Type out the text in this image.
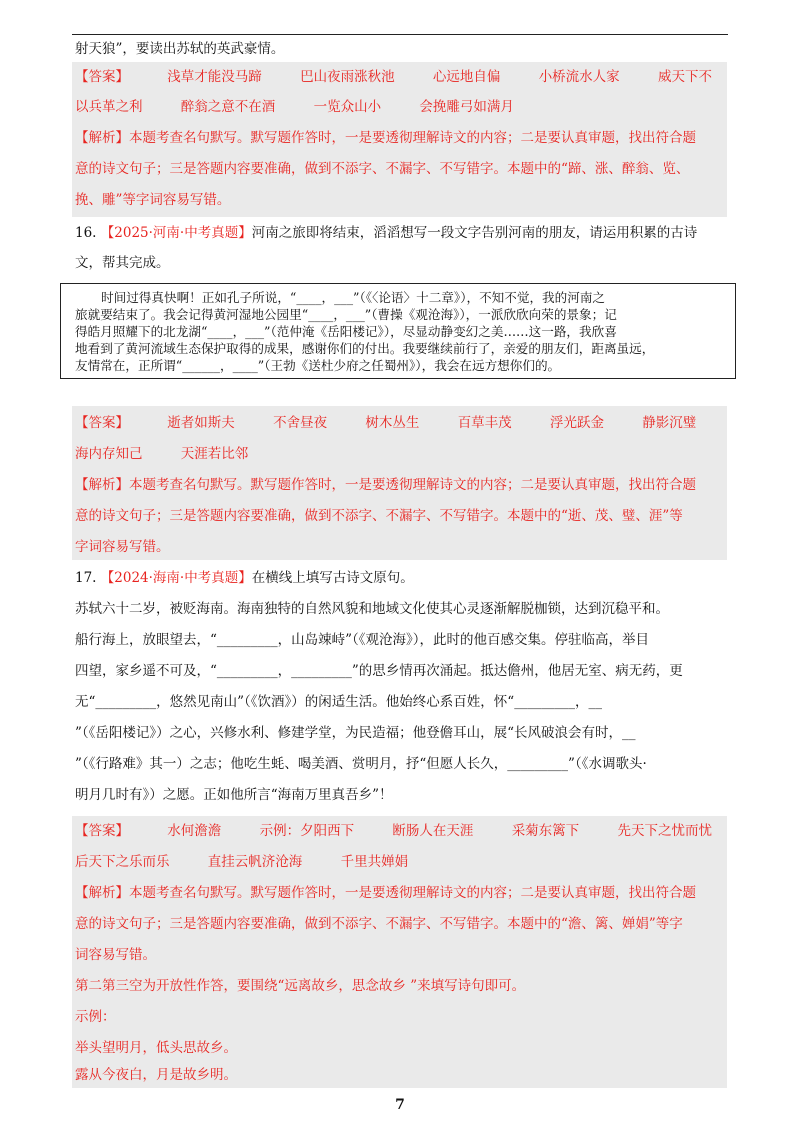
射天狼”，要读出苏轼的英武豪情。
【答案】	浅草才能没马蹄	巴山夜雨涨秋池	心远地自偏	小桥流水人家	威天下不
以兵革之利	醉翁之意不在酒	一览众山小	会挽雕弓如满月
【解析】本题考查名句默写。默写题作答时，一是要透彻理解诗文的内容；二是要认真审题，找出符合题
意的诗文句子；三是答题内容要准确，做到不添字、不漏字、不写错字。本题中的“蹄、涨、醉翁、览、
挽、雕”等字词容易写错。
16. 【2025·河南·中考真题】河南之旅即将结束，滔滔想写一段文字告别河南的朋友，请运用积累的古诗
文，帮其完成。
时间过得真快啊！正如孔子所说，“____，___”（《〈论语〉十二章》），不知不觉，我的河南之
旅就要结束了。我会记得黄河湿地公园里“____，___”（曹操《观沧海》），一派欣欣向荣的景象；记
得皓月照耀下的北龙湖“____，___”（范仲淹《岳阳楼记》），尽显动静变幻之美……这一路，我欣喜
地看到了黄河流域生态保护取得的成果，感谢你们的付出。我要继续前行了，亲爱的朋友们，距离虽远，
友情常在，正所谓“______，____”（王勃《送杜少府之任蜀州》），我会在远方想你们的。
【答案】	逝者如斯夫	不舍昼夜	树木丛生	百草丰茂	浮光跃金	静影沉璧
海内存知己	天涯若比邻
【解析】本题考查名句默写。默写题作答时，一是要透彻理解诗文的内容；二是要认真审题，找出符合题
意的诗文句子；三是答题内容要准确，做到不添字、不漏字、不写错字。本题中的“逝、茂、璧、涯”等
字词容易写错。
17. 【2024·海南·中考真题】在横线上填写古诗文原句。
苏轼六十二岁，被贬海南。海南独特的自然风貌和地域文化使其心灵逐渐解脱枷锁，达到沉稳平和。
船行海上，放眼望去，“_________，山岛竦峙”（《观沧海》），此时的他百感交集。停驻临高，举目
四望，家乡遥不可及，“_________，_________”的思乡情再次涌起。抵达儋州，他居无室、病无药，更
无“_________，悠然见南山”（《饮酒》）的闲适生活。他始终心系百姓，怀“_________，__
”（《岳阳楼记》）之心，兴修水利、修建学堂，为民造福；他登儋耳山，展“长风破浪会有时，__
”（《行路难》其一）之志；他吃生蚝、喝美酒、赏明月，抒“但愿人长久，_________”（《水调歌头·
明月几时有》）之愿。正如他所言“海南万里真吾乡”！
【答案】	水何澹澹	示例：夕阳西下	断肠人在天涯	采菊东篱下	先天下之忧而忧
后天下之乐而乐	直挂云帆济沧海	千里共婵娟
【解析】本题考查名句默写。默写题作答时，一是要透彻理解诗文的内容；二是要认真审题，找出符合题
意的诗文句子；三是答题内容要准确，做到不添字、不漏字、不写错字。本题中的“澹、篱、婵娟”等字
词容易写错。
第二第三空为开放性作答，要围绕“远离故乡，思念故乡 ”来填写诗句即可。
示例：
举头望明月，低头思故乡。
露从今夜白，月是故乡明。
7
